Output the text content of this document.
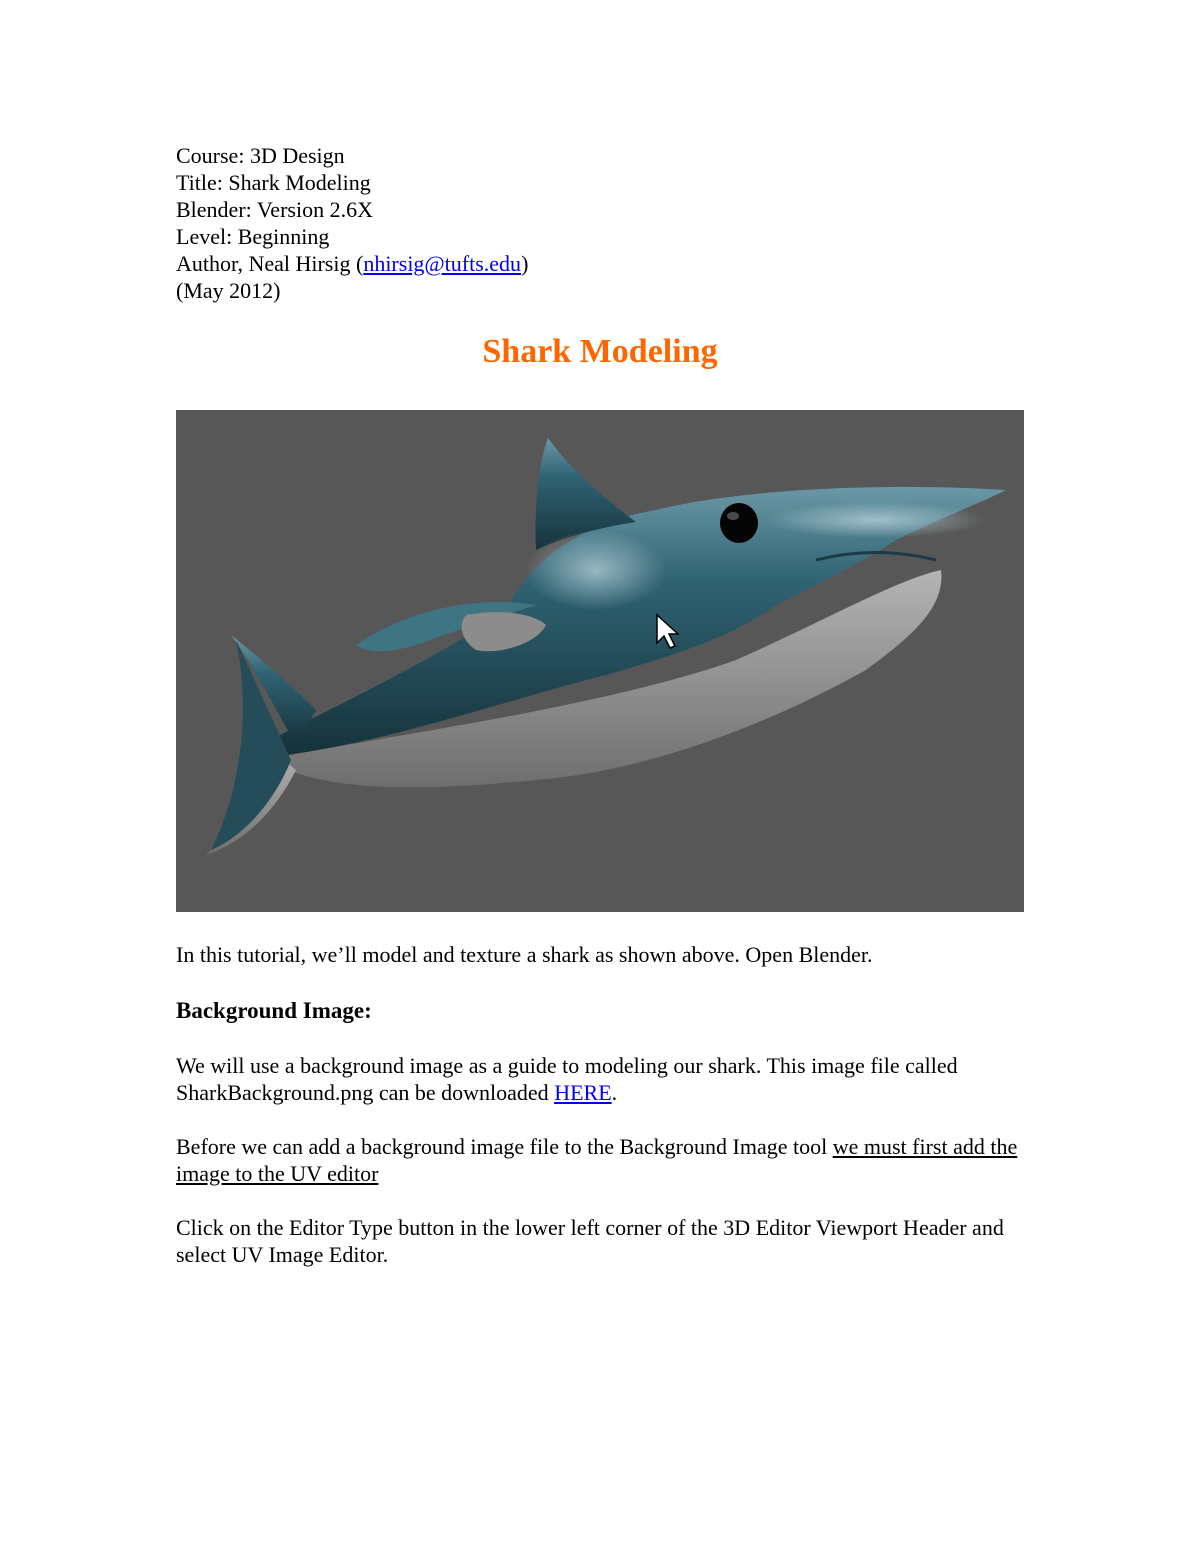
Course: 3D Design
Title: Shark Modeling
Blender: Version 2.6X
Level: Beginning
Author, Neal Hirsig (nhirsig@tufts.edu)
(May 2012)
Shark Modeling
In this tutorial, we’ll model and texture a shark as shown above. Open Blender.
Background Image:
We will use a background image as a guide to modeling our shark. This image file called SharkBackground.png can be downloaded HERE.
Before we can add a background image file to the Background Image tool we must first add the image to the UV editor
Click on the Editor Type button in the lower left corner of the 3D Editor Viewport Header and select UV Image Editor.
